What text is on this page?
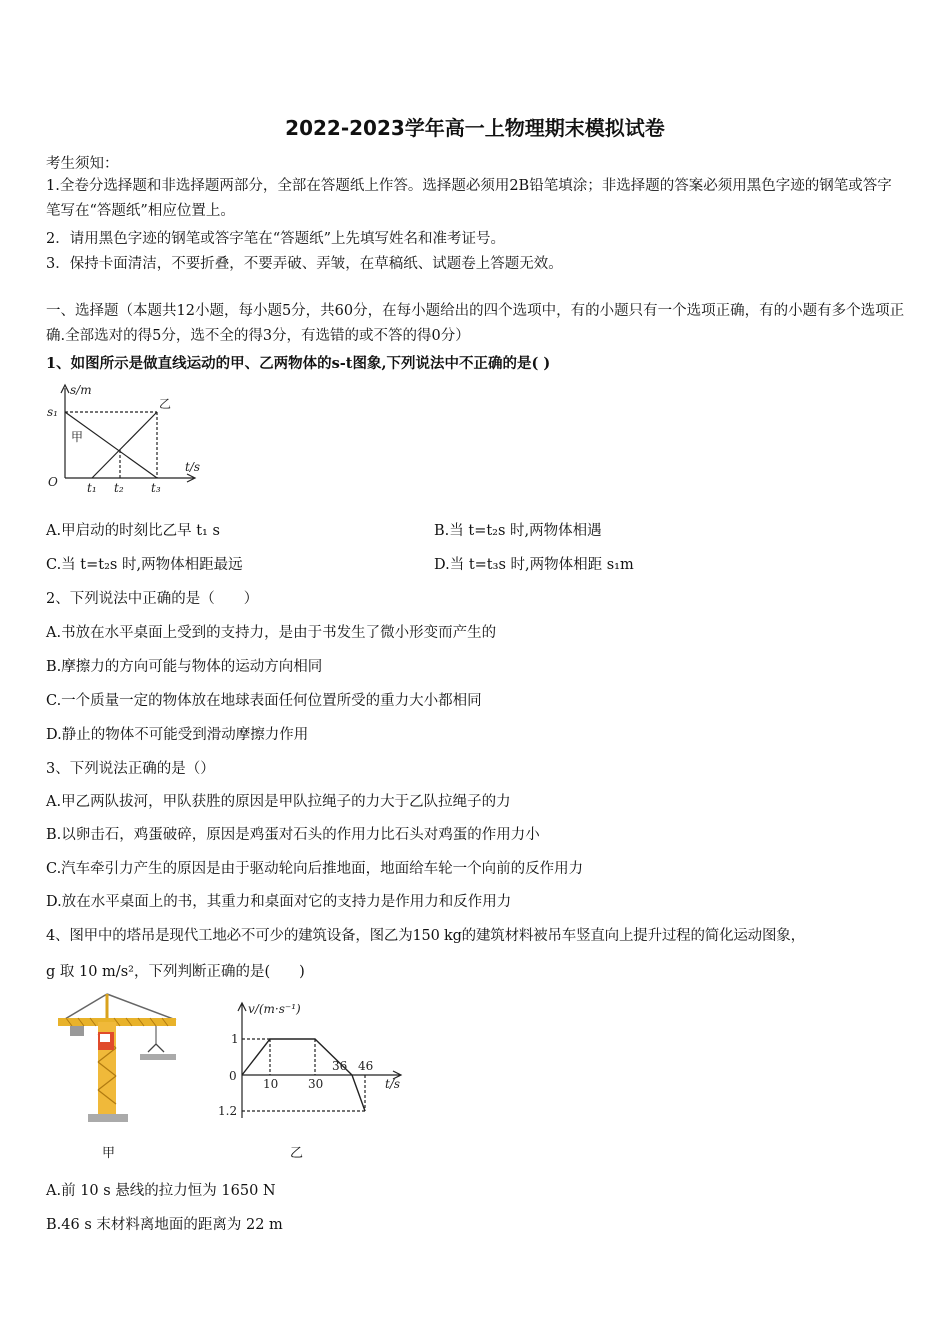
2022-2023学年高一上物理期末模拟试卷
考生须知：
1.全卷分选择题和非选择题两部分，全部在答题纸上作答。选择题必须用2B铅笔填涂；非选择题的答案必须用黑色字迹的钢笔或答字笔写在“答题纸”相应位置上。
2．请用黑色字迹的钢笔或答字笔在“答题纸”上先填写姓名和准考证号。
3．保持卡面清洁，不要折叠，不要弄破、弄皱，在草稿纸、试题卷上答题无效。
一、选择题（本题共12小题，每小题5分，共60分，在每小题给出的四个选项中，有的小题只有一个选项正确，有的小题有多个选项正确.全部选对的得5分，选不全的得3分，有选错的或不答的得0分）
1、如图所示是做直线运动的甲、乙两物体的s-t图象,下列说法中不正确的是( )
s/m
s₁
O
t/s
t₁ t₂ t₃
甲
乙
A.甲启动的时刻比乙早 t₁ s	B.当 t=t₂s 时,两物体相遇
C.当 t=t₂s 时,两物体相距最远	D.当 t=t₃s 时,两物体相距 s₁m
2、下列说法中正确的是（　　）
A.书放在水平桌面上受到的支持力，是由于书发生了微小形变而产生的
B.摩擦力的方向可能与物体的运动方向相同
C.一个质量一定的物体放在地球表面任何位置所受的重力大小都相同
D.静止的物体不可能受到滑动摩擦力作用
3、下列说法正确的是（）
A.甲乙两队拔河，甲队获胜的原因是甲队拉绳子的力大于乙队拉绳子的力
B.以卵击石，鸡蛋破碎，原因是鸡蛋对石头的作用力比石头对鸡蛋的作用力小
C.汽车牵引力产生的原因是由于驱动轮向后推地面，地面给车轮一个向前的反作用力
D.放在水平桌面上的书，其重力和桌面对它的支持力是作用力和反作用力
4、图甲中的塔吊是现代工地必不可少的建筑设备，图乙为150 kg的建筑材料被吊车竖直向上提升过程的简化运动图象，
g 取 10 m/s²，下列判断正确的是(　　)
甲
v/(m·s⁻¹)
1
1.2
0
10 30
36 46
t/s
乙
A.前 10 s 悬线的拉力恒为 1650 N
B.46 s 末材料离地面的距离为 22 m
